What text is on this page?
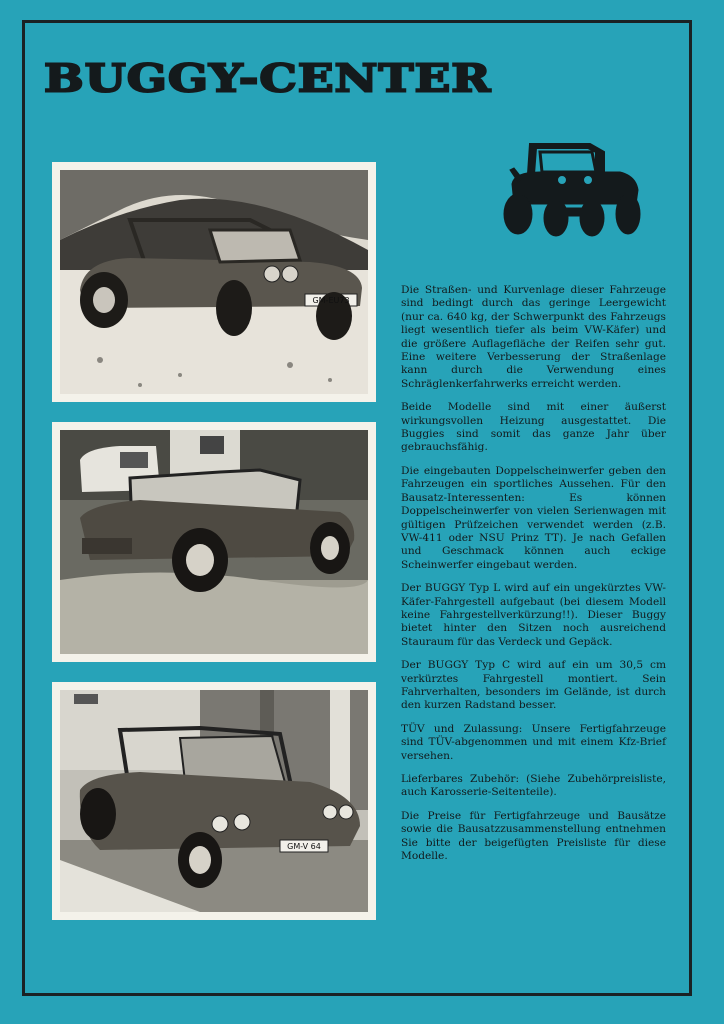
BUGGY-CENTER
GM-EU73
GM-V 64

Die Straßen- und Kurvenlage dieser Fahrzeuge sind bedingt durch das geringe Leergewicht (nur ca. 640 kg, der Schwerpunkt des Fahrzeugs liegt wesentlich tiefer als beim VW-Käfer) und die größere Auflagefläche der Reifen sehr gut. Eine weitere Verbesserung der Straßenlage kann durch die Verwendung eines Schräglenkerfahrwerks erreicht werden.

Beide Modelle sind mit einer äußerst wirkungsvollen Heizung ausgestattet. Die Buggies sind somit das ganze Jahr über gebrauchsfähig.

Die eingebauten Doppelscheinwerfer geben den Fahrzeugen ein sportliches Aussehen. Für den Bausatz-Interessenten: Es können Doppelscheinwerfer von vielen Serienwagen mit gültigen Prüfzeichen verwendet werden (z.B. VW-411 oder NSU Prinz TT). Je nach Gefallen und Geschmack können auch eckige Scheinwerfer eingebaut werden.

Der BUGGY Typ L wird auf ein ungekürztes VW-Käfer-Fahrgestell aufgebaut (bei diesem Modell keine Fahrgestellverkürzung!!). Dieser Buggy bietet hinter den Sitzen noch ausreichend Stauraum für das Verdeck und Gepäck.

Der BUGGY Typ C wird auf ein um 30,5 cm verkürztes Fahrgestell montiert. Sein Fahrverhalten, besonders im Gelände, ist durch den kurzen Radstand besser.

TÜV und Zulassung: Unsere Fertigfahrzeuge sind TÜV-abgenommen und mit einem Kfz-Brief versehen.

Lieferbares Zubehör: (Siehe Zubehörpreisliste, auch Karosserie-Seitenteile).

Die Preise für Fertigfahrzeuge und Bausätze sowie die Bausatzzusammenstellung entnehmen Sie bitte der beigefügten Preisliste für diese Modelle.
